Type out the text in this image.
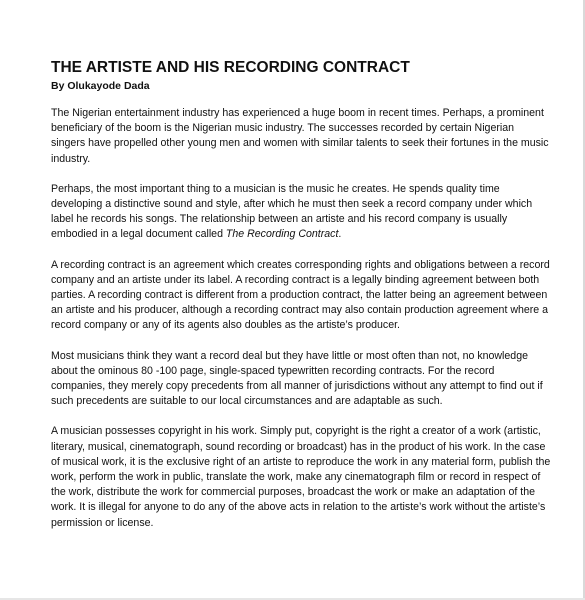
THE ARTISTE AND HIS RECORDING CONTRACT
By Olukayode Dada

The Nigerian entertainment industry has experienced a huge boom in recent times. Perhaps, a prominent beneficiary of the boom is the Nigerian music industry. The successes recorded by certain Nigerian singers have propelled other young men and women with similar talents to seek their fortunes in the music industry.

Perhaps, the most important thing to a musician is the music he creates. He spends quality time developing a distinctive sound and style, after which he must then seek a record company under which label he records his songs. The relationship between an artiste and his record company is usually embodied in a legal document called The Recording Contract.

A recording contract is an agreement which creates corresponding rights and obligations between a record company and an artiste under its label. A recording contract is a legally binding agreement between both parties. A recording contract is different from a production contract, the latter being an agreement between an artiste and his producer, although a recording contract may also contain production agreement where a record company or any of its agents also doubles as the artiste’s producer.

Most musicians think they want a record deal but they have little or most often than not, no knowledge about the ominous 80 -100 page, single-spaced typewritten recording contracts. For the record companies, they merely copy precedents from all manner of jurisdictions without any attempt to find out if such precedents are suitable to our local circumstances and are adaptable as such.

A musician possesses copyright in his work. Simply put, copyright is the right a creator of a work (artistic, literary, musical, cinematograph, sound recording or broadcast) has in the product of his work. In the case of musical work, it is the exclusive right of an artiste to reproduce the work in any material form, publish the work, perform the work in public, translate the work, make any cinematograph film or record in respect of the work, distribute the work for commercial purposes, broadcast the work or make an adaptation of the work. It is illegal for anyone to do any of the above acts in relation to the artiste’s work without the artiste’s permission or license.
